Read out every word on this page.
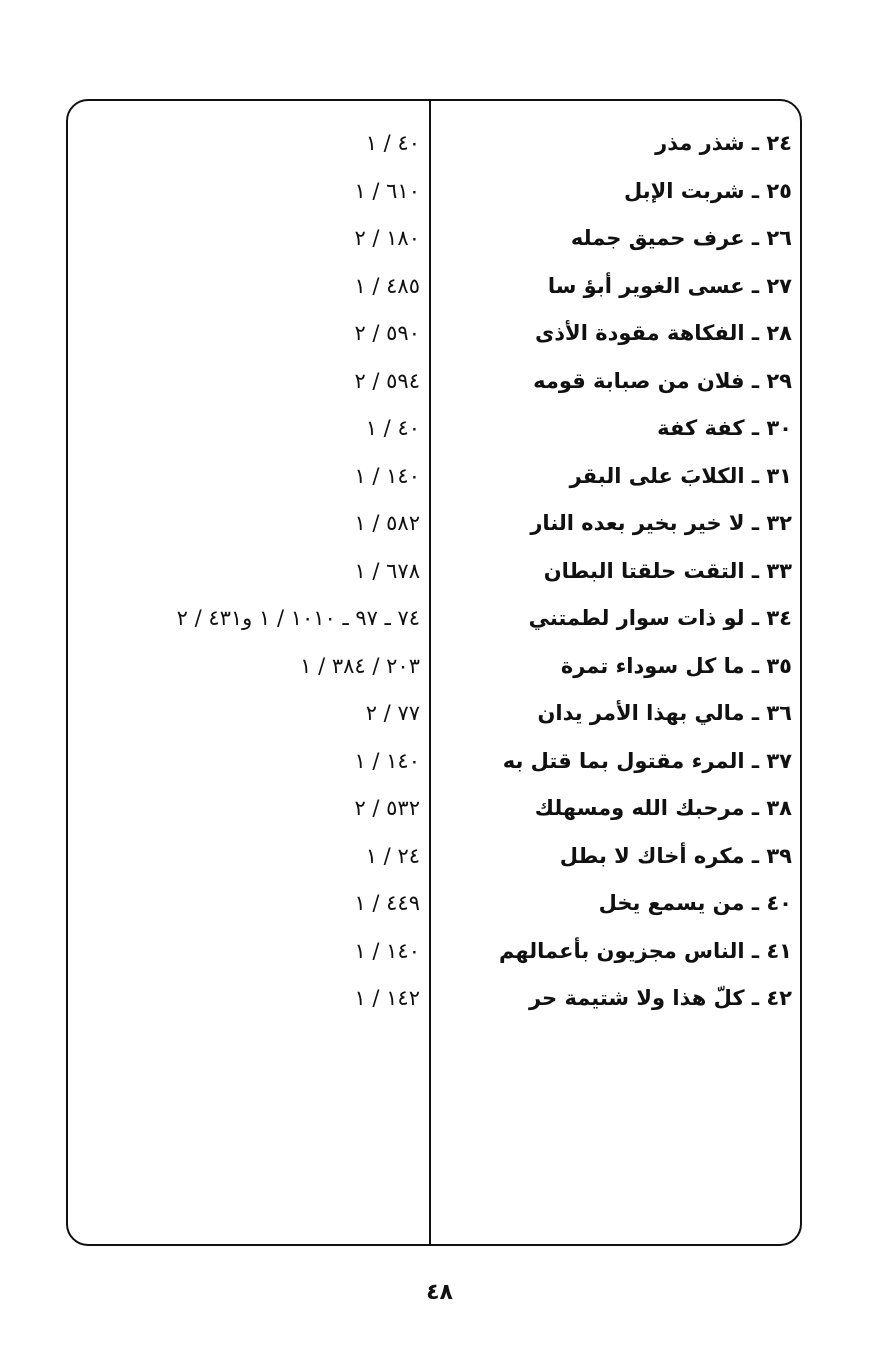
٢٤ ـ شذر مذر
٢٥ ـ شربت الإبل
٢٦ ـ عرف حميق جمله
٢٧ ـ عسى الغوير أبؤ سا
٢٨ ـ الفكاهة مقودة الأذى
٢٩ ـ فلان من صبابة قومه
٣٠ ـ كفة كفة
٣١ ـ الكلابَ على البقر
٣٢ ـ لا خير بخير بعده النار
٣٣ ـ التقت حلقتا البطان
٣٤ ـ لو ذات سوار لطمتني
٣٥ ـ ما كل سوداء تمرة
٣٦ ـ مالي بهذا الأمر يدان
٣٧ ـ المرء مقتول بما قتل به
٣٨ ـ مرحبك الله ومسهلك
٣٩ ـ مكره أخاك لا بطل
٤٠ ـ من يسمع يخل
٤١ ـ الناس مجزيون بأعمالهم
٤٢ ـ كلّ هذا ولا شتيمة حر
٤٠ / ١
٦١٠ / ١
١٨٠ / ٢
٤٨٥ / ١
٥٩٠ / ٢
٥٩٤ / ٢
٤٠ / ١
١٤٠ / ١
٥٨٢ / ١
٦٧٨ / ١
٧٤ ـ ٩٧ ـ ١٠١٠ / ١ و٤٣١ / ٢
٢٠٣ / ٣٨٤ / ١
٧٧ / ٢
١٤٠ / ١
٥٣٢ / ٢
٢٤ / ١
٤٤٩ / ١
١٤٠ / ١
١٤٢ / ١
٤٨
